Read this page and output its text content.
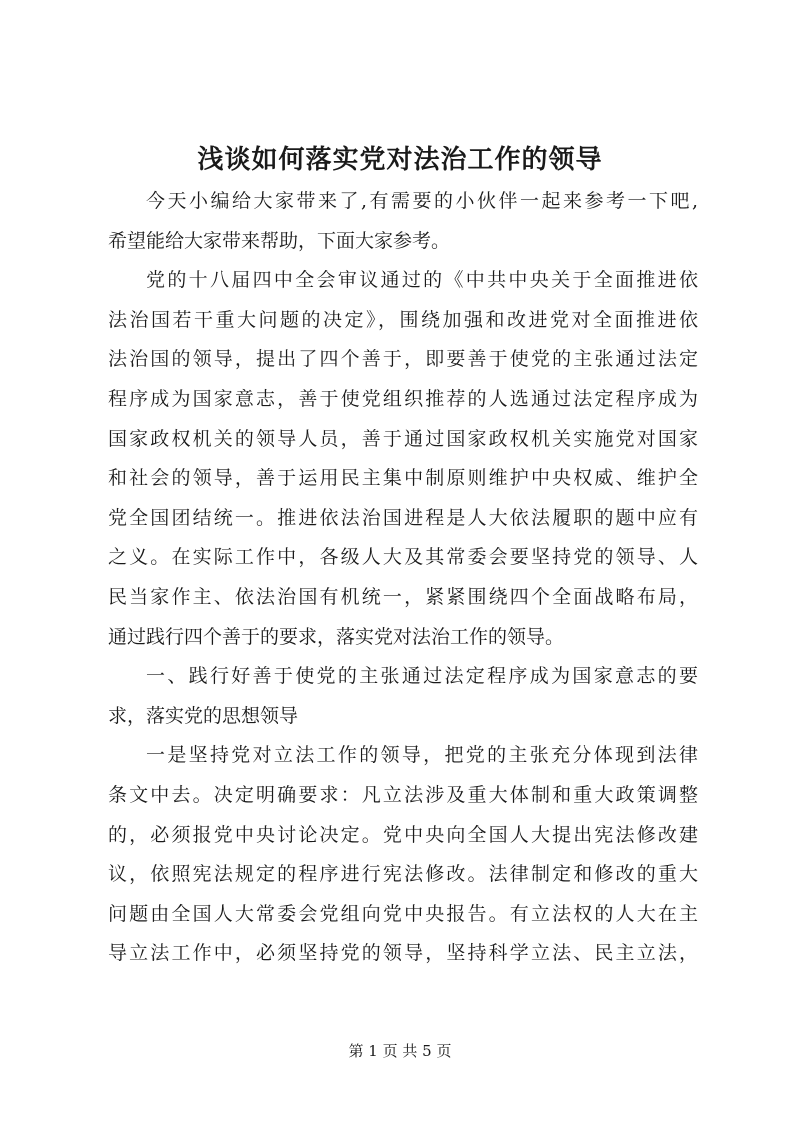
浅谈如何落实党对法治工作的领导

今天小编给大家带来了,有需要的小伙伴一起来参考一下吧,
希望能给大家带来帮助，下面大家参考。

党的十八届四中全会审议通过的《中共中央关于全面推进依
法治国若干重大问题的决定》，围绕加强和改进党对全面推进依
法治国的领导，提出了四个善于，即要善于使党的主张通过法定
程序成为国家意志，善于使党组织推荐的人选通过法定程序成为
国家政权机关的领导人员，善于通过国家政权机关实施党对国家
和社会的领导，善于运用民主集中制原则维护中央权威、维护全
党全国团结统一。推进依法治国进程是人大依法履职的题中应有
之义。在实际工作中，各级人大及其常委会要坚持党的领导、人
民当家作主、依法治国有机统一，紧紧围绕四个全面战略布局，
通过践行四个善于的要求，落实党对法治工作的领导。

一、践行好善于使党的主张通过法定程序成为国家意志的要
求，落实党的思想领导

一是坚持党对立法工作的领导，把党的主张充分体现到法律
条文中去。决定明确要求：凡立法涉及重大体制和重大政策调整
的，必须报党中央讨论决定。党中央向全国人大提出宪法修改建
议，依照宪法规定的程序进行宪法修改。法律制定和修改的重大
问题由全国人大常委会党组向党中央报告。有立法权的人大在主
导立法工作中，必须坚持党的领导，坚持科学立法、民主立法，

第 1 页 共 5 页
